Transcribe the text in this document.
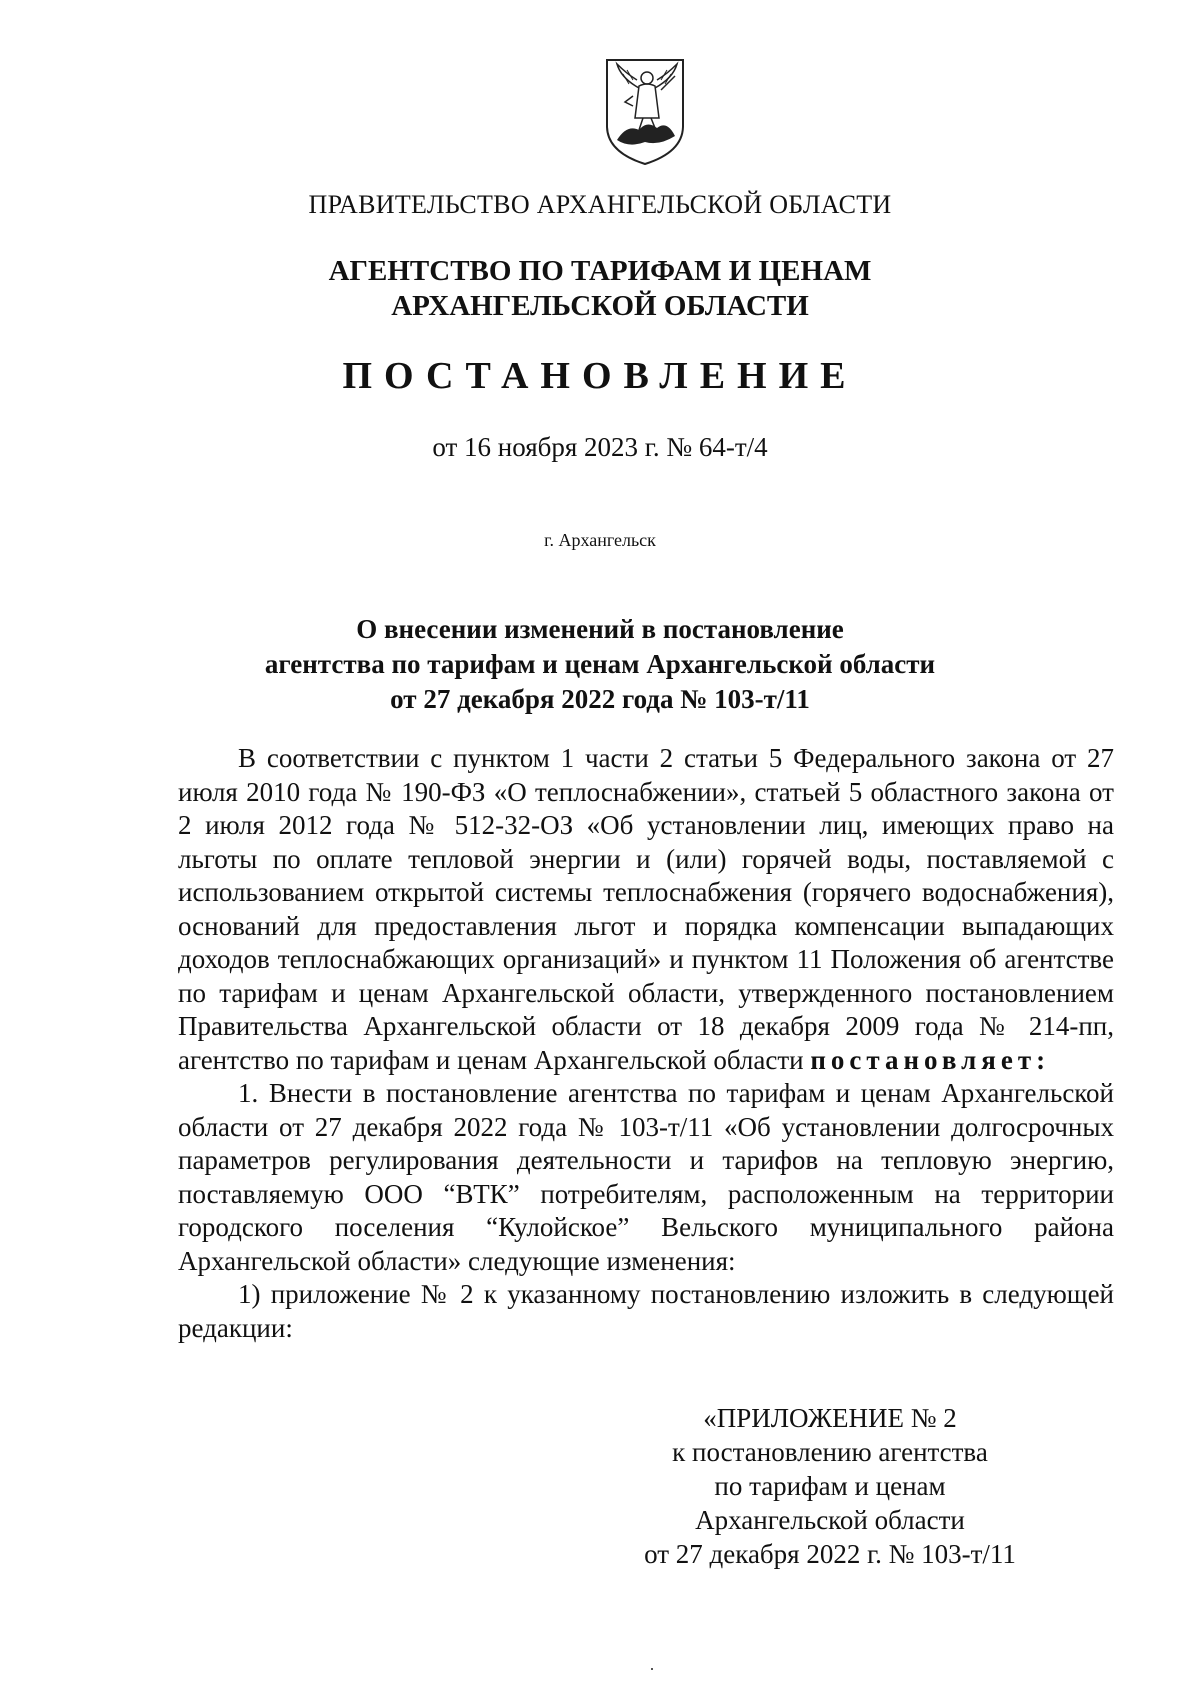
ПРАВИТЕЛЬСТВО АРХАНГЕЛЬСКОЙ ОБЛАСТИ
АГЕНТСТВО ПО ТАРИФАМ И ЦЕНАМ
АРХАНГЕЛЬСКОЙ ОБЛАСТИ
ПОСТАНОВЛЕНИЕ
от 16 ноября 2023 г. № 64-т/4
г. Архангельск
О внесении изменений в постановление
агентства по тарифам и ценам Архангельской области
от 27 декабря 2022 года № 103-т/11

В соответствии с пунктом 1 части 2 статьи 5 Федерального закона от 27 июля 2010 года № 190-ФЗ «О теплоснабжении», статьей 5 областного закона от 2 июля 2012 года № 512-32-ОЗ «Об установлении лиц, имеющих право на льготы по оплате тепловой энергии и (или) горячей воды, поставляемой с использованием открытой системы теплоснабжения (горячего водоснабжения), оснований для предоставления льгот и порядка компенсации выпадающих доходов теплоснабжающих организаций» и пунктом 11 Положения об агентстве по тарифам и ценам Архангельской области, утвержденного постановлением Правительства Архангельской области от 18 декабря 2009 года № 214-пп, агентство по тарифам и ценам Архангельской области постановляет:

1. Внести в постановление агентства по тарифам и ценам Архангельской области от 27 декабря 2022 года № 103-т/11 «Об установлении долгосрочных параметров регулирования деятельности и тарифов на тепловую энергию, поставляемую ООО “ВТК” потребителям, расположенным на территории городского поселения “Кулойское” Вельского муниципального района Архангельской области» следующие изменения:

1) приложение № 2 к указанному постановлению изложить в следующей редакции:

«ПРИЛОЖЕНИЕ № 2
к постановлению агентства
по тарифам и ценам
Архангельской области
от 27 декабря 2022 г. № 103-т/11
